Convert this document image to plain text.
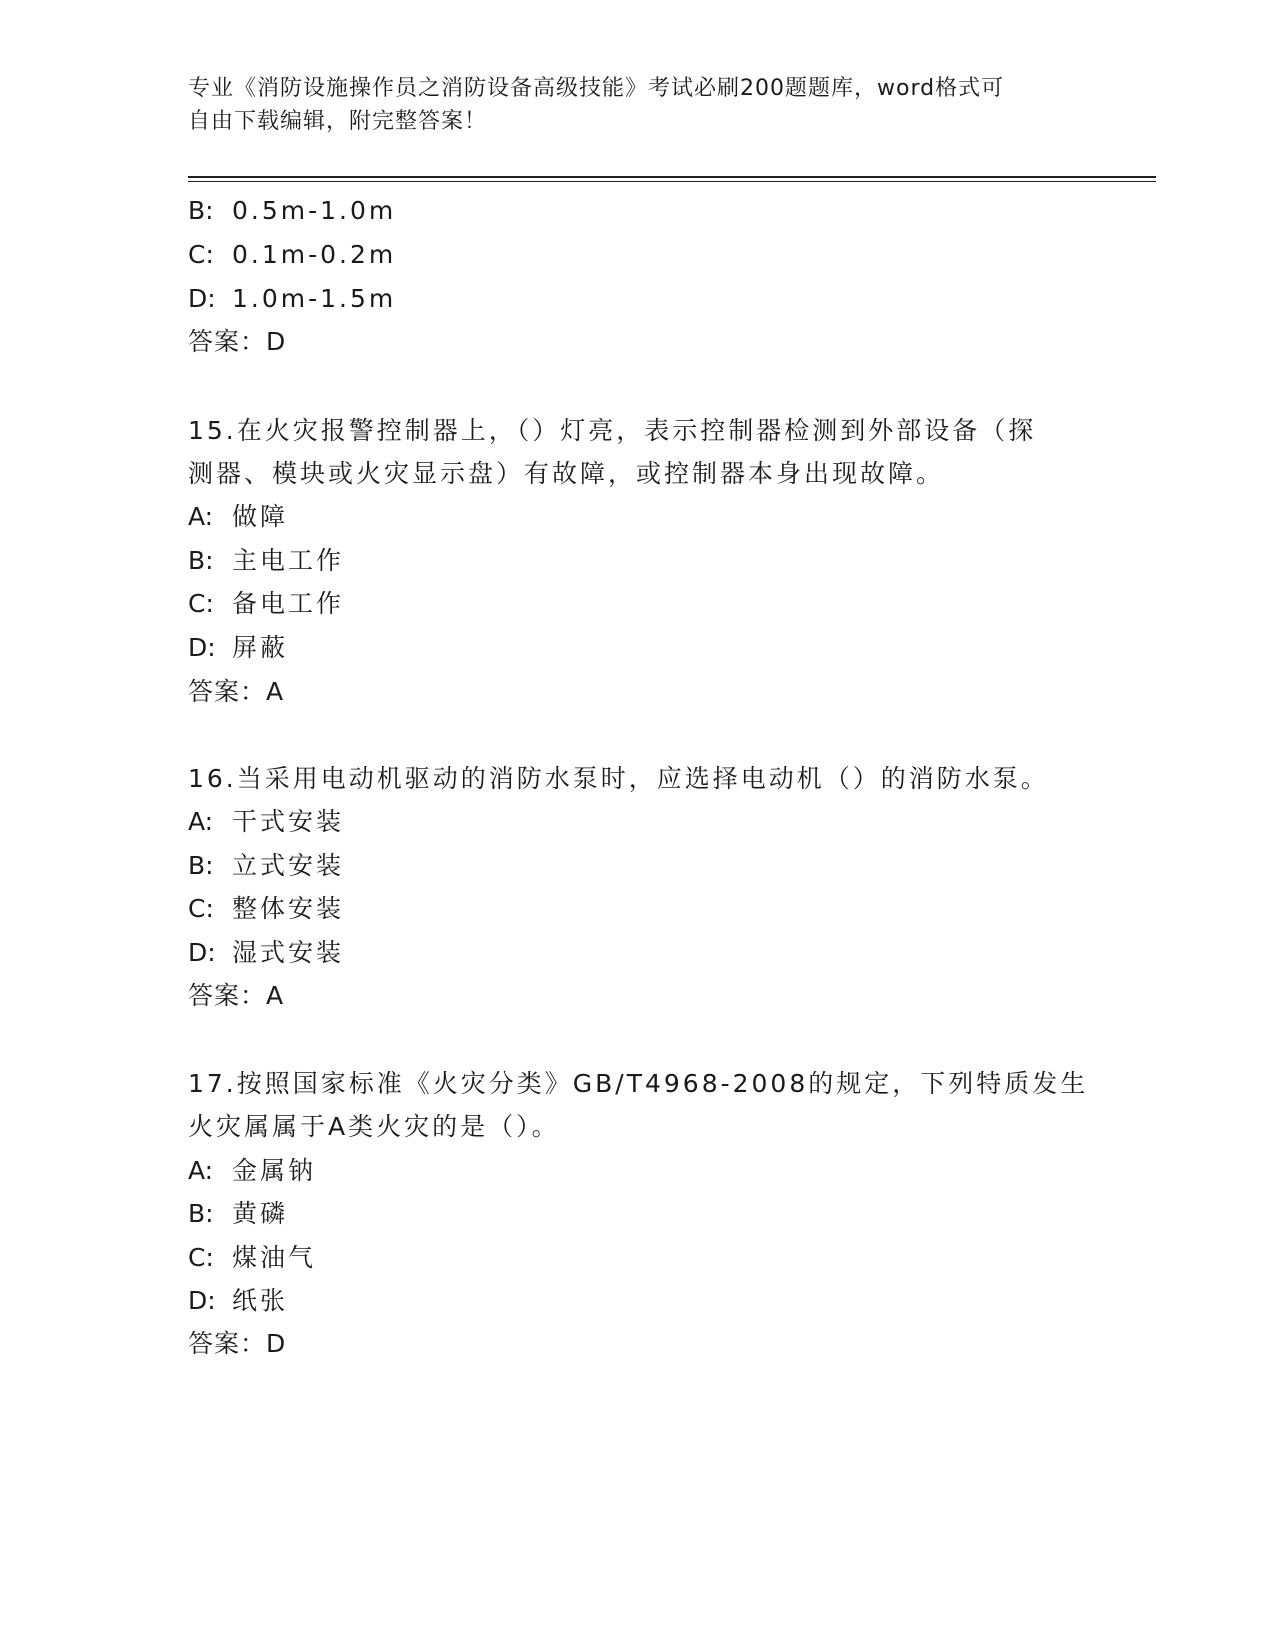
专业《消防设施操作员之消防设备高级技能》考试必刷200题题库，word格式可
自由下载编辑，附完整答案！
B: 0.5m-1.0m
C: 0.1m-0.2m
D: 1.0m-1.5m
答案：D
15.在火灾报警控制器上，（）灯亮，表示控制器检测到外部设备（探
测器、模块或火灾显示盘）有故障，或控制器本身出现故障。
A: 做障
B: 主电工作
C: 备电工作
D: 屏蔽
答案：A
16.当采用电动机驱动的消防水泵时，应选择电动机（）的消防水泵。
A: 干式安装
B: 立式安装
C: 整体安装
D: 湿式安装
答案：A
17.按照国家标准《火灾分类》GB/T4968-2008的规定，下列特质发生
火灾属属于A类火灾的是（）。
A: 金属钠
B: 黄磷
C: 煤油气
D: 纸张
答案：D
